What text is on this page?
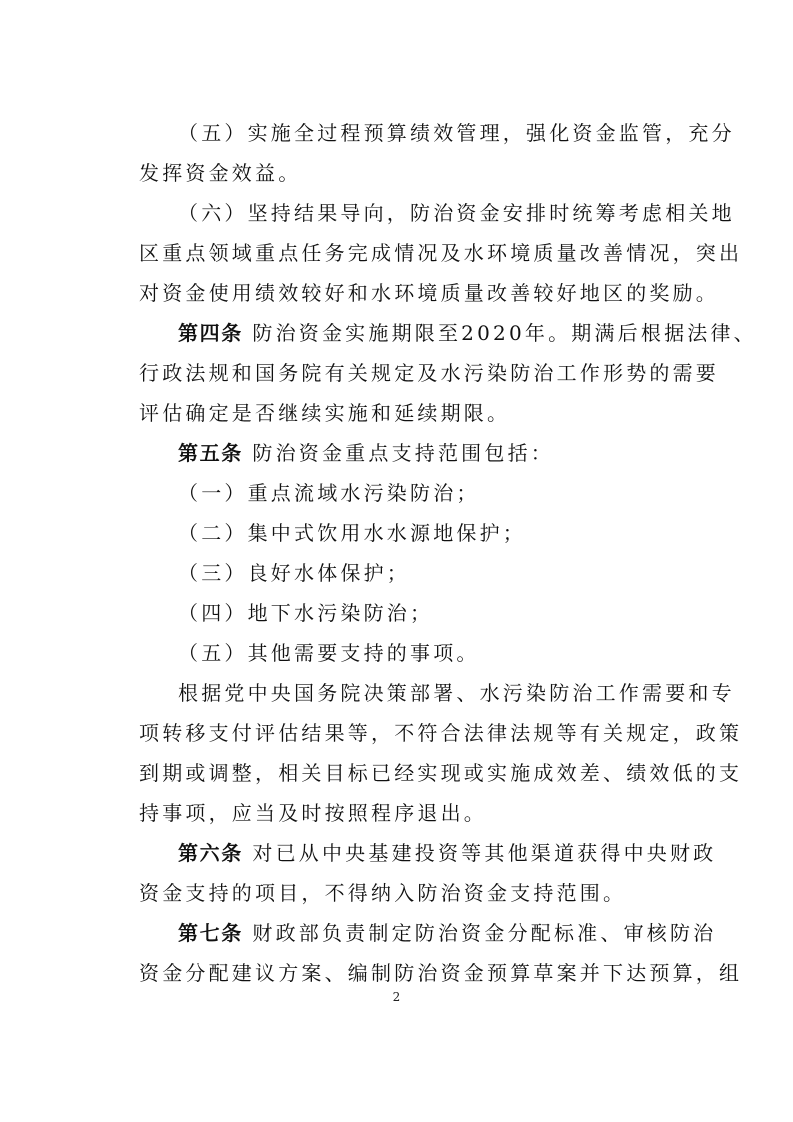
（五）实施全过程预算绩效管理，强化资金监管，充分
发挥资金效益。
（六）坚持结果导向，防治资金安排时统筹考虑相关地
区重点领域重点任务完成情况及水环境质量改善情况，突出
对资金使用绩效较好和水环境质量改善较好地区的奖励。
第四条 防治资金实施期限至2020年。期满后根据法律、
行政法规和国务院有关规定及水污染防治工作形势的需要
评估确定是否继续实施和延续期限。
第五条 防治资金重点支持范围包括：
（一）重点流域水污染防治；
（二）集中式饮用水水源地保护；
（三）良好水体保护；
（四）地下水污染防治；
（五）其他需要支持的事项。
根据党中央国务院决策部署、水污染防治工作需要和专
项转移支付评估结果等，不符合法律法规等有关规定，政策
到期或调整，相关目标已经实现或实施成效差、绩效低的支
持事项，应当及时按照程序退出。
第六条 对已从中央基建投资等其他渠道获得中央财政
资金支持的项目，不得纳入防治资金支持范围。
第七条 财政部负责制定防治资金分配标准、审核防治
资金分配建议方案、编制防治资金预算草案并下达预算，组
2
